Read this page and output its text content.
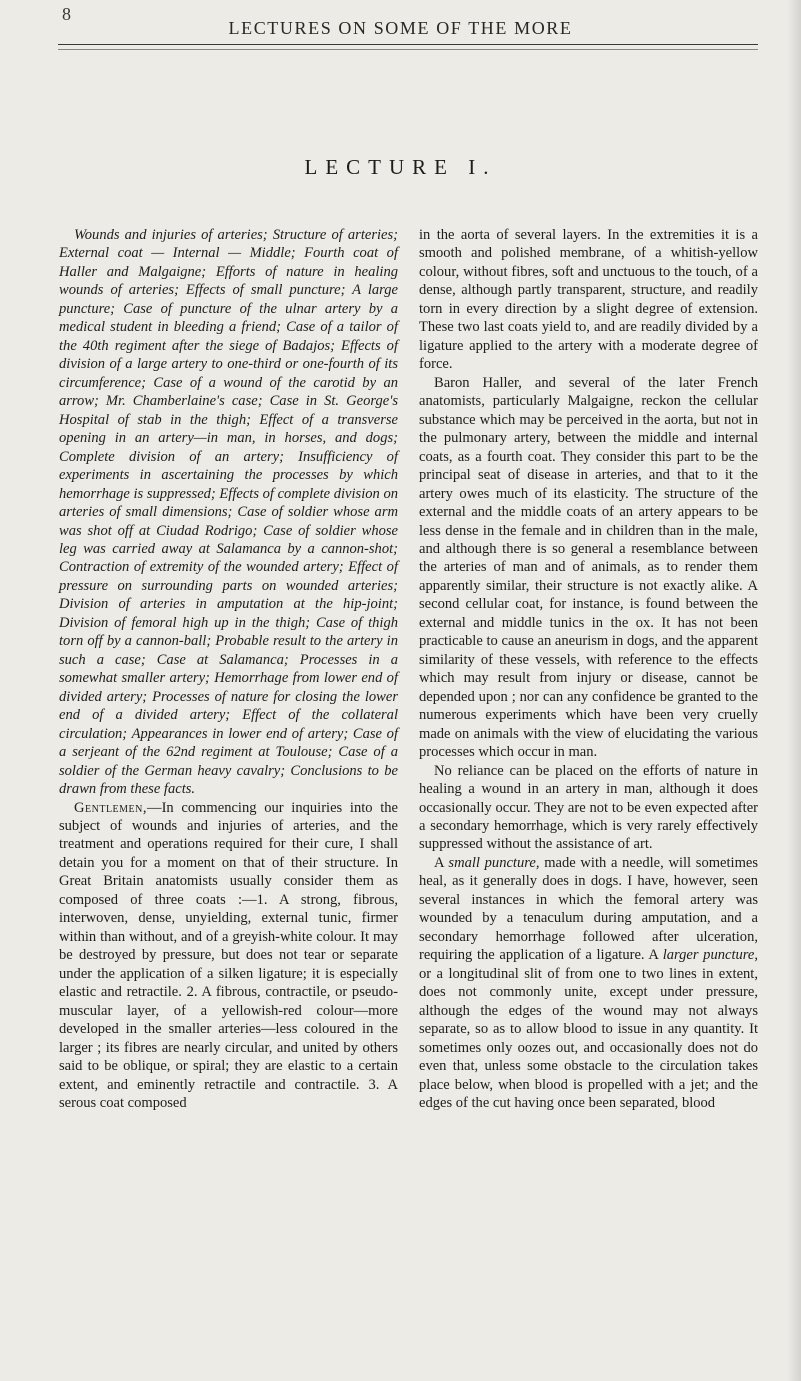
8
LECTURES ON SOME OF THE MORE
LECTURE I.

Wounds and injuries of arteries; Structure of arteries; External coat — Internal — Middle; Fourth coat of Haller and Malgaigne; Efforts of nature in healing wounds of arteries; Effects of small puncture; A large puncture; Case of puncture of the ulnar artery by a medical student in bleeding a friend; Case of a tailor of the 40th regiment after the siege of Badajos; Effects of division of a large artery to one-third or one-fourth of its circumference; Case of a wound of the carotid by an arrow; Mr. Chamberlaine's case; Case in St. George's Hospital of stab in the thigh; Effect of a transverse opening in an artery—in man, in horses, and dogs; Complete division of an artery; Insufficiency of experiments in ascertaining the processes by which hemorrhage is suppressed; Effects of complete division on arteries of small dimensions; Case of soldier whose arm was shot off at Ciudad Rodrigo; Case of soldier whose leg was carried away at Salamanca by a cannon-shot; Contraction of extremity of the wounded artery; Effect of pressure on surrounding parts on wounded arteries; Division of arteries in amputation at the hip-joint; Division of femoral high up in the thigh; Case of thigh torn off by a cannon-ball; Probable result to the artery in such a case; Case at Salamanca; Processes in a somewhat smaller artery; Hemorrhage from lower end of divided artery; Processes of nature for closing the lower end of a divided artery; Effect of the collateral circulation; Appearances in lower end of artery; Case of a serjeant of the 62nd regiment at Toulouse; Case of a soldier of the German heavy cavalry; Conclusions to be drawn from these facts.

Gentlemen,—In commencing our inquiries into the subject of wounds and injuries of arteries, and the treatment and operations required for their cure, I shall detain you for a moment on that of their structure. In Great Britain anatomists usually consider them as composed of three coats :—1. A strong, fibrous, interwoven, dense, unyielding, external tunic, firmer within than without, and of a greyish-white colour. It may be destroyed by pressure, but does not tear or separate under the application of a silken ligature; it is especially elastic and retractile. 2. A fibrous, contractile, or pseudo-muscular layer, of a yellowish-red colour—more developed in the smaller arteries—less coloured in the larger ; its fibres are nearly circular, and united by others said to be oblique, or spiral; they are elastic to a certain extent, and eminently retractile and contractile. 3. A serous coat composed

in the aorta of several layers. In the extremities it is a smooth and polished membrane, of a whitish-yellow colour, without fibres, soft and unctuous to the touch, of a dense, although partly transparent, structure, and readily torn in every direction by a slight degree of extension. These two last coats yield to, and are readily divided by a ligature applied to the artery with a moderate degree of force.

Baron Haller, and several of the later French anatomists, particularly Malgaigne, reckon the cellular substance which may be perceived in the aorta, but not in the pulmonary artery, between the middle and internal coats, as a fourth coat. They consider this part to be the principal seat of disease in arteries, and that to it the artery owes much of its elasticity. The structure of the external and the middle coats of an artery appears to be less dense in the female and in children than in the male, and although there is so general a resemblance between the arteries of man and of animals, as to render them apparently similar, their structure is not exactly alike. A second cellular coat, for instance, is found between the external and middle tunics in the ox. It has not been practicable to cause an aneurism in dogs, and the apparent similarity of these vessels, with reference to the effects which may result from injury or disease, cannot be depended upon ; nor can any confidence be granted to the numerous experiments which have been very cruelly made on animals with the view of elucidating the various processes which occur in man.

No reliance can be placed on the efforts of nature in healing a wound in an artery in man, although it does occasionally occur. They are not to be even expected after a secondary hemorrhage, which is very rarely effectively suppressed without the assistance of art.

A small puncture, made with a needle, will sometimes heal, as it generally does in dogs. I have, however, seen several instances in which the femoral artery was wounded by a tenaculum during amputation, and a secondary hemorrhage followed after ulceration, requiring the application of a ligature. A larger puncture, or a longitudinal slit of from one to two lines in extent, does not commonly unite, except under pressure, although the edges of the wound may not always separate, so as to allow blood to issue in any quantity. It sometimes only oozes out, and occasionally does not do even that, unless some obstacle to the circulation takes place below, when blood is propelled with a jet; and the edges of the cut having once been separated, blood
